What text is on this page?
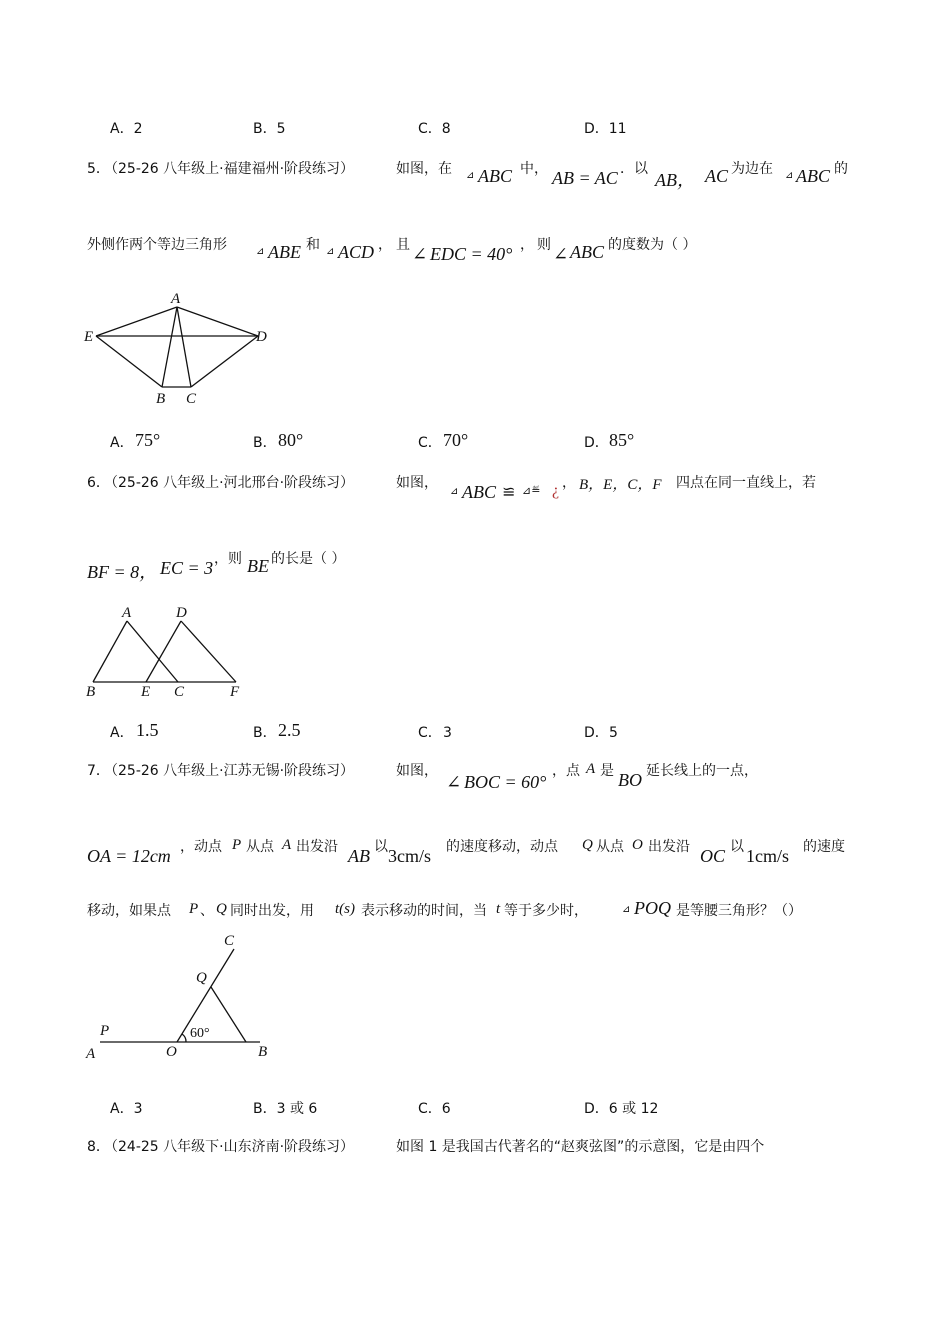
A．2	B．5	C．8	D．11
5．
（25-26 八年级上·福建福州·阶段练习）	如图，在 ⊿ ABC 中， AB = AC ．以
AB， AC 为边在 ⊿ ABC 的
外侧作两个等边三角形	⊿ ABE 和 ⊿ ACD ， 且 ∠ EDC = 40° ， 则 ∠ ABC 的度数为（ ）
A
E	D
B C
A． 75°	B． 80°	C． 70°	D． 85°
6．
（25-26 八年级上·河北邢台·阶段练习）	如图，
⊿ ABC ≌ ⊿≝ ¿ ， B，E，C，F 四点在同一直线上，若
BF = 8， EC = 3 ，则 BE 的长是（ ）
A	D
B	E C	F
A． 1.5	B． 2.5	C． 3	D． 5
7．
（25-26 八年级上·江苏无锡·阶段练习）	如图，
∠ BOC = 60°
，点 A 是 BO 延长线上的一点，
OA = 12cm ，动点 P 从点 A 出发沿 AB 以 3cm/s 的速度移动，动点 Q 从点 O 出发沿 OC 以 1cm/s 的速度
移动，如果点 P 、 Q 同时出发，用 t(s) 表示移动的时间，当 t 等于多少时，	⊿ POQ 是等腰三角形？（）
C
Q
P	60°
A	O	B
A．3	B．3 或 6	C．6	D．6 或 12
8．
（24-25 八年级下·山东济南·阶段练习）	如图 1 是我国古代著名的“赵爽弦图”的示意图，它是由四个
